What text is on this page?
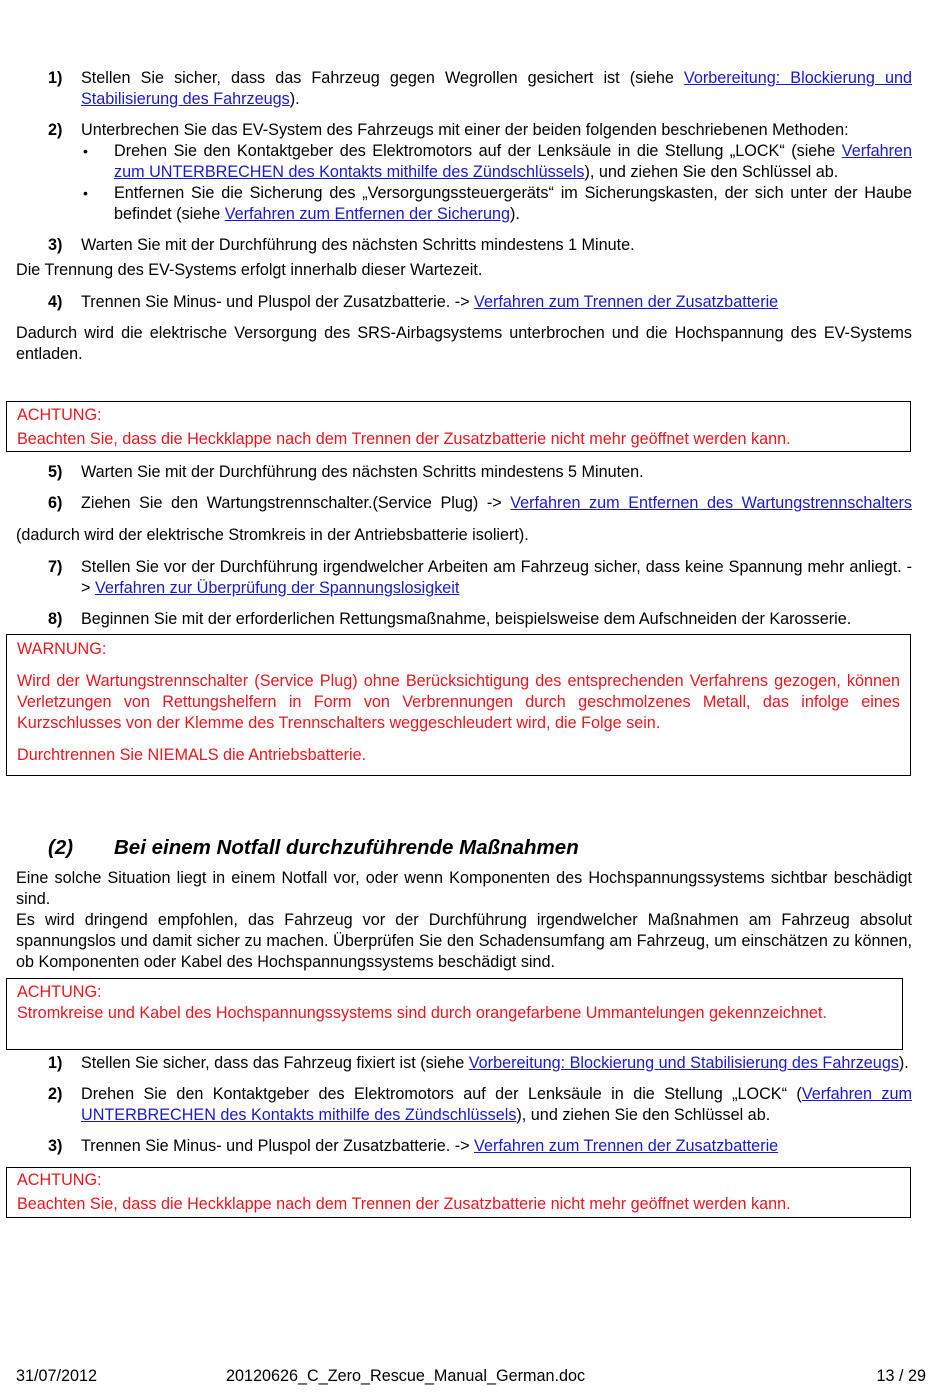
1) Stellen Sie sicher, dass das Fahrzeug gegen Wegrollen gesichert ist (siehe Vorbereitung: Blockierung und Stabilisierung des Fahrzeugs).
2) Unterbrechen Sie das EV-System des Fahrzeugs mit einer der beiden folgenden beschriebenen Methoden:
• Drehen Sie den Kontaktgeber des Elektromotors auf der Lenksäule in die Stellung „LOCK“ (siehe Verfahren zum UNTERBRECHEN des Kontakts mithilfe des Zündschlüssels), und ziehen Sie den Schlüssel ab.
• Entfernen Sie die Sicherung des „Versorgungssteuergeräts“ im Sicherungskasten, der sich unter der Haube befindet (siehe Verfahren zum Entfernen der Sicherung).
3) Warten Sie mit der Durchführung des nächsten Schritts mindestens 1 Minute.
Die Trennung des EV-Systems erfolgt innerhalb dieser Wartezeit.
4) Trennen Sie Minus- und Pluspol der Zusatzbatterie. -> Verfahren zum Trennen der Zusatzbatterie
Dadurch wird die elektrische Versorgung des SRS-Airbagsystems unterbrochen und die Hochspannung des EV-Systems entladen.

ACHTUNG:

Beachten Sie, dass die Heckklappe nach dem Trennen der Zusatzbatterie nicht mehr geöffnet werden kann.

5) Warten Sie mit der Durchführung des nächsten Schritts mindestens 5 Minuten.
6) Ziehen Sie den Wartungstrennschalter.(Service Plug) -> Verfahren zum Entfernen des Wartungstrennschalters
(dadurch wird der elektrische Stromkreis in der Antriebsbatterie isoliert).
7) Stellen Sie vor der Durchführung irgendwelcher Arbeiten am Fahrzeug sicher, dass keine Spannung mehr anliegt. -> Verfahren zur Überprüfung der Spannungslosigkeit
8) Beginnen Sie mit der erforderlichen Rettungsmaßnahme, beispielsweise dem Aufschneiden der Karosserie.

WARNUNG:

Wird der Wartungstrennschalter (Service Plug) ohne Berücksichtigung des entsprechenden Verfahrens gezogen, können Verletzungen von Rettungshelfern in Form von Verbrennungen durch geschmolzenes Metall, das infolge eines Kurzschlusses von der Klemme des Trennschalters weggeschleudert wird, die Folge sein.

Durchtrennen Sie NIEMALS die Antriebsbatterie.

(2) Bei einem Notfall durchzuführende Maßnahmen
Eine solche Situation liegt in einem Notfall vor, oder wenn Komponenten des Hochspannungssystems sichtbar beschädigt sind.
Es wird dringend empfohlen, das Fahrzeug vor der Durchführung irgendwelcher Maßnahmen am Fahrzeug absolut spannungslos und damit sicher zu machen. Überprüfen Sie den Schadensumfang am Fahrzeug, um einschätzen zu können, ob Komponenten oder Kabel des Hochspannungssystems beschädigt sind.

ACHTUNG:

Stromkreise und Kabel des Hochspannungssystems sind durch orangefarbene Ummantelungen gekennzeichnet.

1) Stellen Sie sicher, dass das Fahrzeug fixiert ist (siehe Vorbereitung: Blockierung und Stabilisierung des Fahrzeugs).
2) Drehen Sie den Kontaktgeber des Elektromotors auf der Lenksäule in die Stellung „LOCK“ (Verfahren zum UNTERBRECHEN des Kontakts mithilfe des Zündschlüssels), und ziehen Sie den Schlüssel ab.
3) Trennen Sie Minus- und Pluspol der Zusatzbatterie. -> Verfahren zum Trennen der Zusatzbatterie

ACHTUNG:

Beachten Sie, dass die Heckklappe nach dem Trennen der Zusatzbatterie nicht mehr geöffnet werden kann.

31/07/2012	20120626_C_Zero_Rescue_Manual_German.doc	13 / 29
